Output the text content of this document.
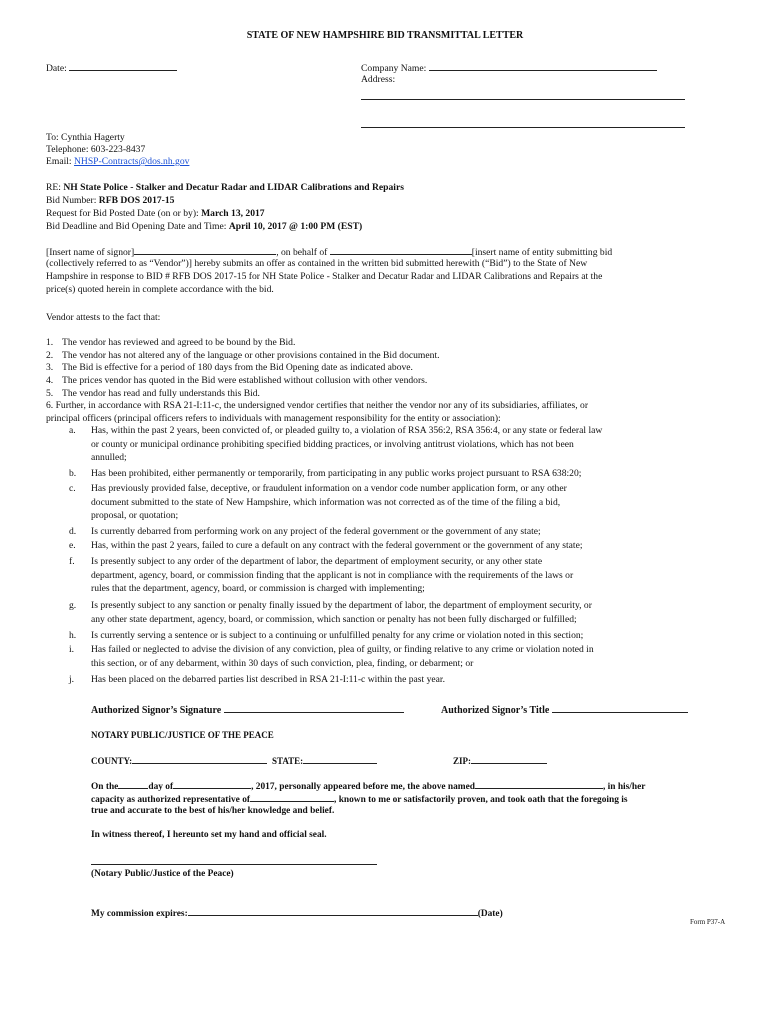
STATE OF NEW HAMPSHIRE BID TRANSMITTAL LETTER
Date:	Company Name:
Address:
To: Cynthia Hagerty
Telephone: 603-223-8437
Email: NHSP-Contracts@dos.nh.gov
RE: NH State Police - Stalker and Decatur Radar and LIDAR Calibrations and Repairs
Bid Number: RFB DOS 2017-15
Request for Bid Posted Date (on or by): March 13, 2017
Bid Deadline and Bid Opening Date and Time: April 10, 2017 @ 1:00 PM (EST)
[Insert name of signor]	, on behalf of	[insert name of entity submitting bid
(collectively referred to as “Vendor”)] hereby submits an offer as contained in the written bid submitted herewith (“Bid”) to the State of New
Hampshire in response to BID # RFB DOS 2017-15 for NH State Police - Stalker and Decatur Radar and LIDAR Calibrations and Repairs at the
price(s) quoted herein in complete accordance with the bid.
Vendor attests to the fact that:
1. The vendor has reviewed and agreed to be bound by the Bid.
2. The vendor has not altered any of the language or other provisions contained in the Bid document.
3. The Bid is effective for a period of 180 days from the Bid Opening date as indicated above.
4. The prices vendor has quoted in the Bid were established without collusion with other vendors.
5. The vendor has read and fully understands this Bid.
6. Further, in accordance with RSA 21-I:11-c, the undersigned vendor certifies that neither the vendor nor any of its subsidiaries, affiliates, or
principal officers (principal officers refers to individuals with management responsibility for the entity or association):
a. Has, within the past 2 years, been convicted of, or pleaded guilty to, a violation of RSA 356:2, RSA 356:4, or any state or federal law
or county or municipal ordinance prohibiting specified bidding practices, or involving antitrust violations, which has not been
annulled;
b. Has been prohibited, either permanently or temporarily, from participating in any public works project pursuant to RSA 638:20;
c. Has previously provided false, deceptive, or fraudulent information on a vendor code number application form, or any other
document submitted to the state of New Hampshire, which information was not corrected as of the time of the filing a bid,
proposal, or quotation;
d. Is currently debarred from performing work on any project of the federal government or the government of any state;
e. Has, within the past 2 years, failed to cure a default on any contract with the federal government or the government of any state;
f. Is presently subject to any order of the department of labor, the department of employment security, or any other state
department, agency, board, or commission finding that the applicant is not in compliance with the requirements of the laws or
rules that the department, agency, board, or commission is charged with implementing;
g. Is presently subject to any sanction or penalty finally issued by the department of labor, the department of employment security, or
any other state department, agency, board, or commission, which sanction or penalty has not been fully discharged or fulfilled;
h. Is currently serving a sentence or is subject to a continuing or unfulfilled penalty for any crime or violation noted in this section;
i. Has failed or neglected to advise the division of any conviction, plea of guilty, or finding relative to any crime or violation noted in
this section, or of any debarment, within 30 days of such conviction, plea, finding, or debarment; or
j. Has been placed on the debarred parties list described in RSA 21-I:11-c within the past year.
Authorized Signor’s Signature	Authorized Signor’s Title
NOTARY PUBLIC/JUSTICE OF THE PEACE
COUNTY:	STATE:	ZIP:
On the	day of	, 2017, personally appeared before me, the above named	, in his/her
capacity as authorized representative of	, known to me or satisfactorily proven, and took oath that the foregoing is
true and accurate to the best of his/her knowledge and belief.
In witness thereof, I hereunto set my hand and official seal.
(Notary Public/Justice of the Peace)
My commission expires:	(Date)
Form P37-A
